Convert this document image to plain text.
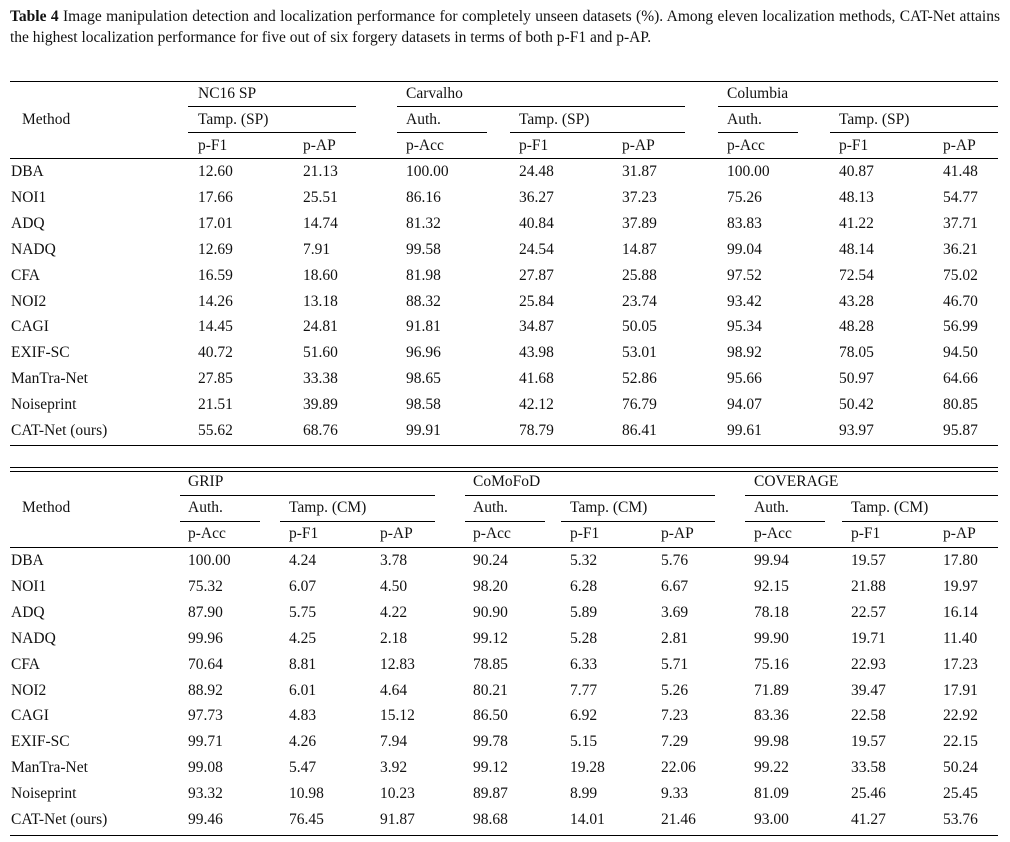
Table 4 Image manipulation detection and localization performance for completely unseen datasets (%). Among eleven localization methods, CAT-Net attains the highest localization performance for five out of six forgery datasets in terms of both p-F1 and p-AP.
NC16 SP	Carvalho	Columbia
Method	Tamp. (SP)	Auth.	Tamp. (SP)	Auth.	Tamp. (SP)
p-F1	p-AP	p-Acc	p-F1	p-AP	p-Acc	p-F1	p-AP
DBA	12.60	21.13	100.00	24.48	31.87	100.00	40.87	41.48
NOI1	17.66	25.51	86.16	36.27	37.23	75.26	48.13	54.77
ADQ	17.01	14.74	81.32	40.84	37.89	83.83	41.22	37.71
NADQ	12.69	7.91	99.58	24.54	14.87	99.04	48.14	36.21
CFA	16.59	18.60	81.98	27.87	25.88	97.52	72.54	75.02
NOI2	14.26	13.18	88.32	25.84	23.74	93.42	43.28	46.70
CAGI	14.45	24.81	91.81	34.87	50.05	95.34	48.28	56.99
EXIF-SC	40.72	51.60	96.96	43.98	53.01	98.92	78.05	94.50
ManTra-Net	27.85	33.38	98.65	41.68	52.86	95.66	50.97	64.66
Noiseprint	21.51	39.89	98.58	42.12	76.79	94.07	50.42	80.85
CAT-Net (ours)	55.62	68.76	99.91	78.79	86.41	99.61	93.97	95.87
GRIP	CoMoFoD	COVERAGE
Method	Auth.	Tamp. (CM)	Auth.	Tamp. (CM)	Auth.	Tamp. (CM)
p-Acc	p-F1	p-AP	p-Acc	p-F1	p-AP	p-Acc	p-F1	p-AP
DBA	100.00	4.24	3.78	90.24	5.32	5.76	99.94	19.57	17.80
NOI1	75.32	6.07	4.50	98.20	6.28	6.67	92.15	21.88	19.97
ADQ	87.90	5.75	4.22	90.90	5.89	3.69	78.18	22.57	16.14
NADQ	99.96	4.25	2.18	99.12	5.28	2.81	99.90	19.71	11.40
CFA	70.64	8.81	12.83	78.85	6.33	5.71	75.16	22.93	17.23
NOI2	88.92	6.01	4.64	80.21	7.77	5.26	71.89	39.47	17.91
CAGI	97.73	4.83	15.12	86.50	6.92	7.23	83.36	22.58	22.92
EXIF-SC	99.71	4.26	7.94	99.78	5.15	7.29	99.98	19.57	22.15
ManTra-Net	99.08	5.47	3.92	99.12	19.28	22.06	99.22	33.58	50.24
Noiseprint	93.32	10.98	10.23	89.87	8.99	9.33	81.09	25.46	25.45
CAT-Net (ours)	99.46	76.45	91.87	98.68	14.01	21.46	93.00	41.27	53.76
